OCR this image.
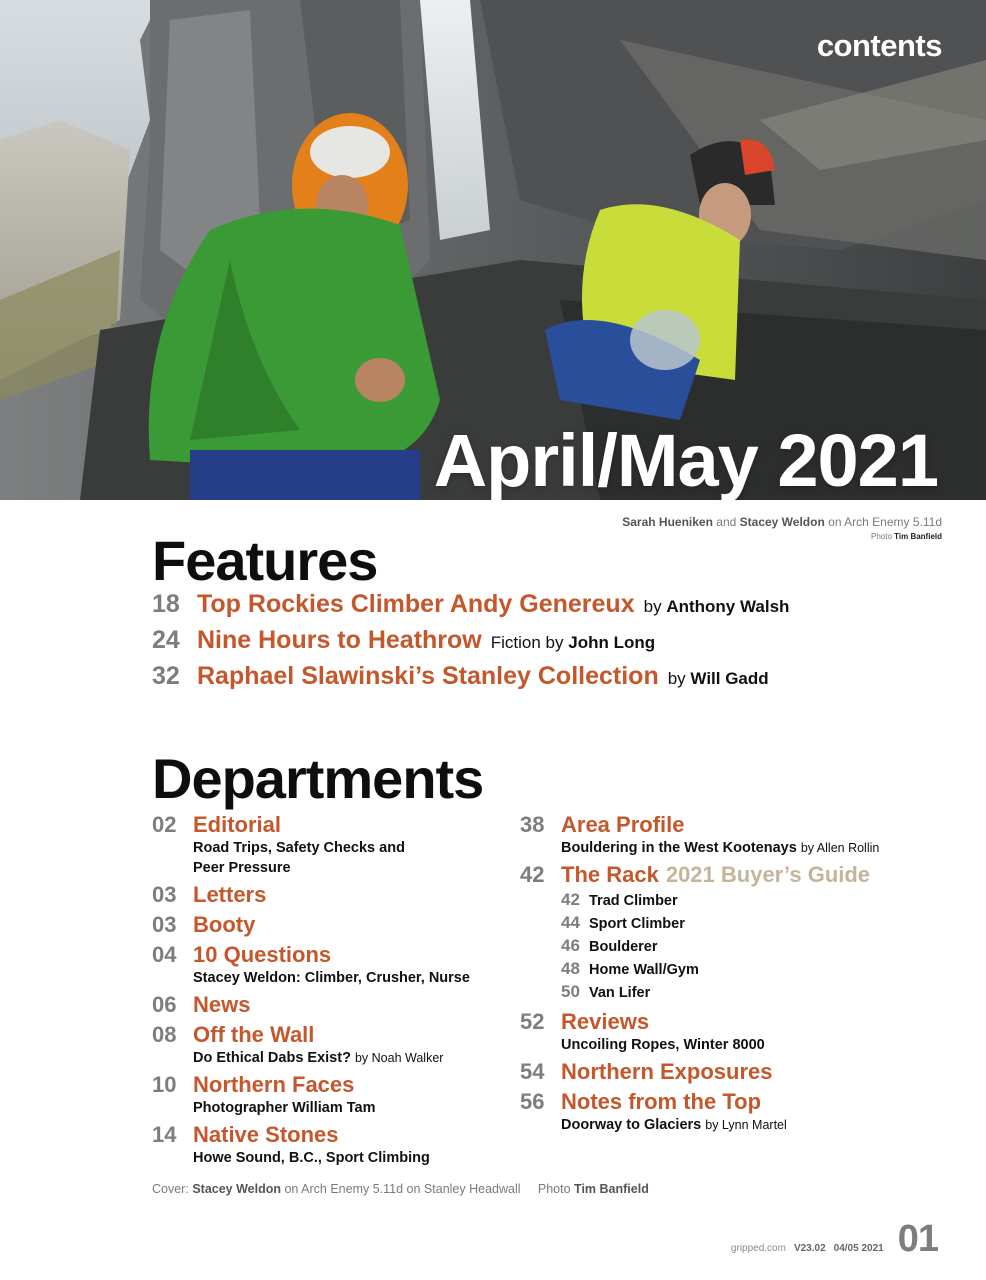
contents
April/May 2021
Sarah Hueniken and Stacey Weldon on Arch Enemy 5.11d
Photo Tim Banfield
Features
18 Top Rockies Climber Andy Genereux by Anthony Walsh
24 Nine Hours to Heathrow Fiction by John Long
32 Raphael Slawinski’s Stanley Collection by Will Gadd
Departments
02 Editorial
Road Trips, Safety Checks and
Peer Pressure
03 Letters
03 Booty
04 10 Questions
Stacey Weldon: Climber, Crusher, Nurse
06 News
08 Off the Wall
Do Ethical Dabs Exist? by Noah Walker
10 Northern Faces
Photographer William Tam
14 Native Stones
Howe Sound, B.C., Sport Climbing
38 Area Profile
Bouldering in the West Kootenays by Allen Rollin
42 The Rack 2021 Buyer’s Guide
42 Trad Climber
44 Sport Climber
46 Boulderer
48 Home Wall/Gym
50 Van Lifer
52 Reviews
Uncoiling Ropes, Winter 8000
54 Northern Exposures
56 Notes from the Top
Doorway to Glaciers by Lynn Martel
Cover: Stacey Weldon on Arch Enemy 5.11d on Stanley Headwall Photo Tim Banfield
gripped.com V23.02 04/05 2021 01
